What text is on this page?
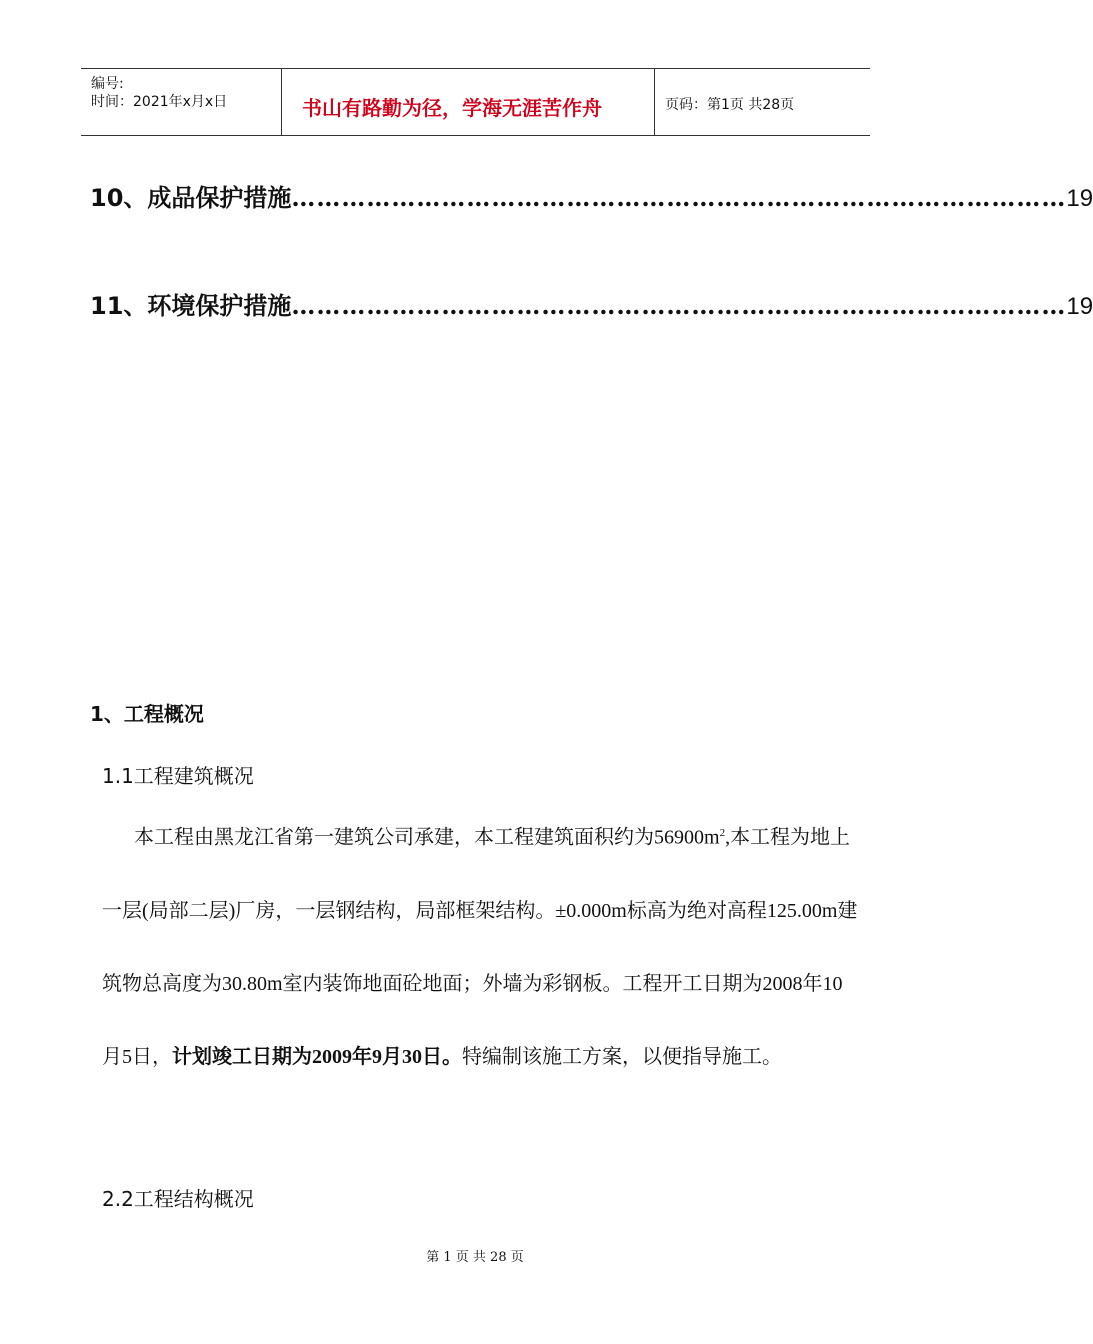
编号:
时间：2021年x月x日	书山有路勤为径，学海无涯苦作舟	页码：第1页 共28页
10、成品保护措施 ………………………………………………………………………………… 19
11、环境保护措施 ………………………………………………………………………………… 19
1、工程概况
1.1工程建筑概况

本工程由黑龙江省第一建筑公司承建，本工程建筑面积约为$56900m^2$,本工程为地上一层(局部二层)厂房，一层钢结构，局部框架结构。±0.000m标高为绝对高程125.00m建筑物总高度为30.80m室内装饰地面砼地面；外墙为彩钢板。工程开工日期为2008年10月5日，计划竣工日期为2009年9月30日。特编制该施工方案，以便指导施工。

2.2工程结构概况
第 1 页 共 28 页
